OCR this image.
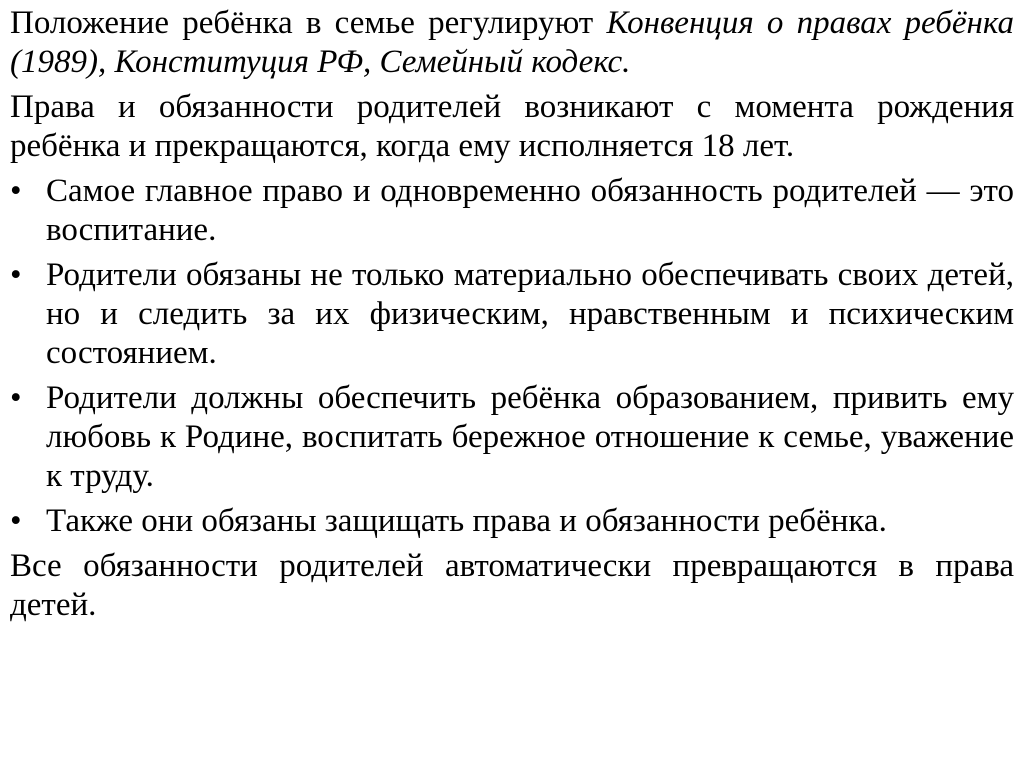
Положение ребёнка в семье регулируют Конвенция о правах ребёнка (1989), Конституция РФ, Семейный кодекс.

Права и обязанности родителей возникают с момента рождения ребёнка и прекращаются, когда ему исполняется 18 лет.

• Самое главное право и одновременно обязанность родителей — это воспитание.
• Родители обязаны не только материально обеспечивать своих детей, но и следить за их физическим, нравственным и психическим состоянием.
• Родители должны обеспечить ребёнка образованием, привить ему любовь к Родине, воспитать бережное отношение к семье, уважение к труду.
• Также они обязаны защищать права и обязанности ребёнка.

Все обязанности родителей автоматически превращаются в права детей.
